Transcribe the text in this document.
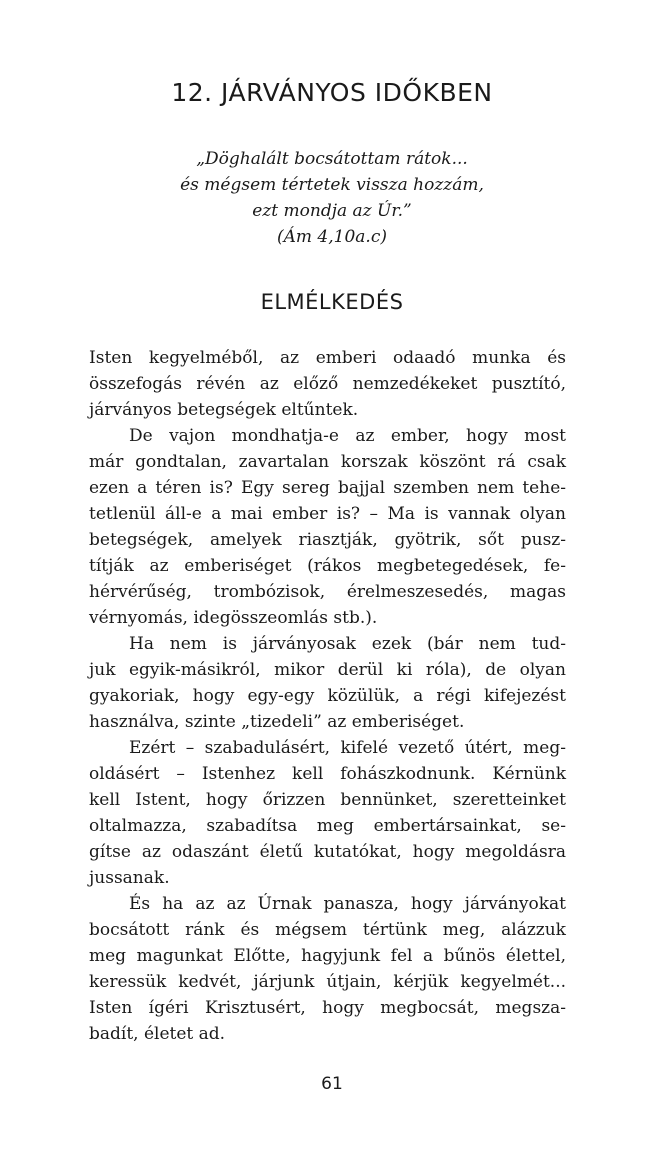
12. JÁRVÁNYOS IDŐKBEN
„Döghalált bocsátottam rátok...
és mégsem tértetek vissza hozzám,
ezt mondja az Úr.”
(Ám 4,10a.c)
ELMÉLKEDÉS
Isten kegyelméből, az emberi odaadó munka és
összefogás révén az előző nemzedékeket pusztító,
járványos betegségek eltűntek.
De vajon mondhatja-e az ember, hogy most
már gondtalan, zavartalan korszak köszönt rá csak
ezen a téren is? Egy sereg bajjal szemben nem tehe-
tetlenül áll-e a mai ember is? – Ma is vannak olyan
betegségek, amelyek riasztják, gyötrik, sőt pusz-
títják az emberiséget (rákos megbetegedések, fe-
hérvérűség, trombózisok, érelmeszesedés, magas
vérnyomás, idegösszeomlás stb.).
Ha nem is járványosak ezek (bár nem tud-
juk egyik-másikról, mikor derül ki róla), de olyan
gyakoriak, hogy egy-egy közülük, a régi kifejezést
használva, szinte „tizedeli” az emberiséget.
Ezért – szabadulásért, kifelé vezető útért, meg-
oldásért – Istenhez kell fohászkodnunk. Kérnünk
kell Istent, hogy őrizzen bennünket, szeretteinket
oltalmazza, szabadítsa meg embertársainkat, se-
gítse az odaszánt életű kutatókat, hogy megoldásra
jussanak.
És ha az az Úrnak panasza, hogy járványokat
bocsátott ránk és mégsem tértünk meg, alázzuk
meg magunkat Előtte, hagyjunk fel a bűnös élettel,
keressük kedvét, járjunk útjain, kérjük kegyelmét...
Isten ígéri Krisztusért, hogy megbocsát, megsza-
badít, életet ad.
61
